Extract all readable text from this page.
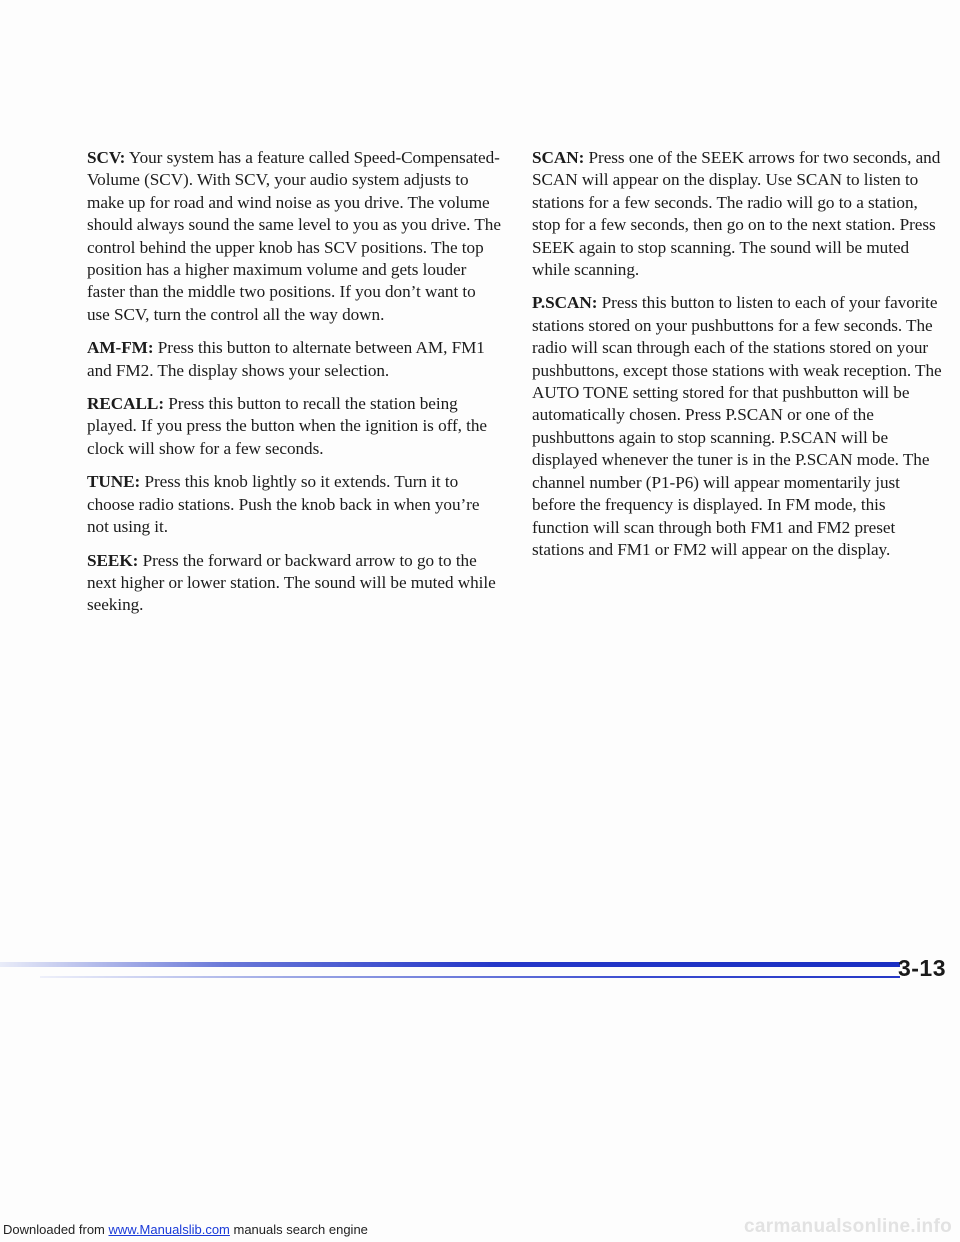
SCV: Your system has a feature called Speed-Compensated-Volume (SCV). With SCV, your audio system adjusts to make up for road and wind noise as you drive. The volume should always sound the same level to you as you drive. The control behind the upper knob has SCV positions. The top position has a higher maximum volume and gets louder faster than the middle two positions. If you don’t want to use SCV, turn the control all the way down.

AM-FM: Press this button to alternate between AM, FM1 and FM2. The display shows your selection.

RECALL: Press this button to recall the station being played. If you press the button when the ignition is off, the clock will show for a few seconds.

TUNE: Press this knob lightly so it extends. Turn it to choose radio stations. Push the knob back in when you’re not using it.

SEEK: Press the forward or backward arrow to go to the next higher or lower station. The sound will be muted while seeking.

SCAN: Press one of the SEEK arrows for two seconds, and SCAN will appear on the display. Use SCAN to listen to stations for a few seconds. The radio will go to a station, stop for a few seconds, then go on to the next station. Press SEEK again to stop scanning. The sound will be muted while scanning.

P.SCAN: Press this button to listen to each of your favorite stations stored on your pushbuttons for a few seconds. The radio will scan through each of the stations stored on your pushbuttons, except those stations with weak reception. The AUTO TONE setting stored for that pushbutton will be automatically chosen. Press P.SCAN or one of the pushbuttons again to stop scanning. P.SCAN will be displayed whenever the tuner is in the P.SCAN mode. The channel number (P1-P6) will appear momentarily just before the frequency is displayed. In FM mode, this function will scan through both FM1 and FM2 preset stations and FM1 or FM2 will appear on the display.

3-13
Downloaded from www.Manualslib.com manuals search engine	carmanualsonline.info
